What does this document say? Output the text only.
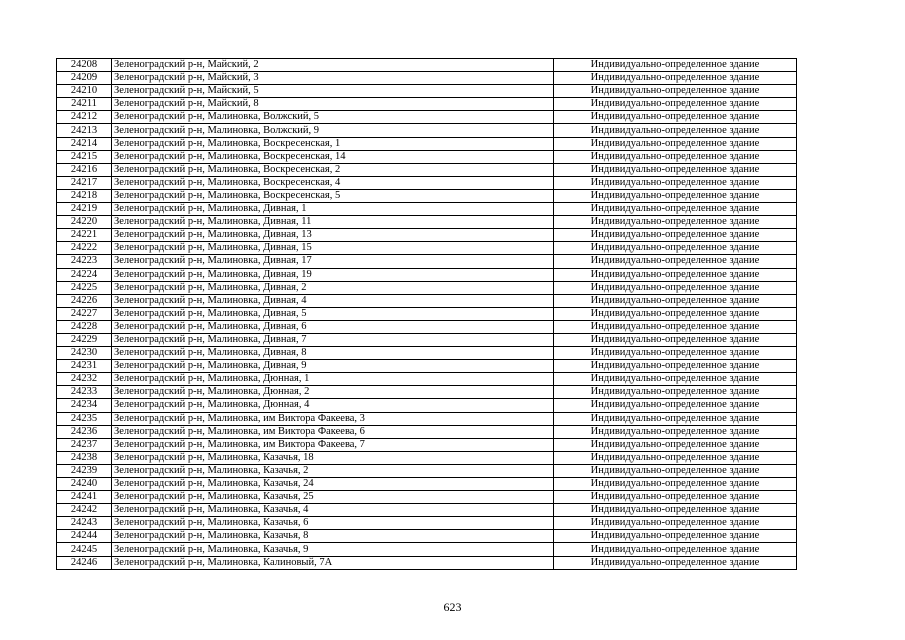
24208	Зеленоградский р-н, Майский, 2	Индивидуально-определенное здание
24209	Зеленоградский р-н, Майский, 3	Индивидуально-определенное здание
24210	Зеленоградский р-н, Майский, 5	Индивидуально-определенное здание
24211	Зеленоградский р-н, Майский, 8	Индивидуально-определенное здание
24212	Зеленоградский р-н, Малиновка, Волжский, 5	Индивидуально-определенное здание
24213	Зеленоградский р-н, Малиновка, Волжский, 9	Индивидуально-определенное здание
24214	Зеленоградский р-н, Малиновка, Воскресенская, 1	Индивидуально-определенное здание
24215	Зеленоградский р-н, Малиновка, Воскресенская, 14	Индивидуально-определенное здание
24216	Зеленоградский р-н, Малиновка, Воскресенская, 2	Индивидуально-определенное здание
24217	Зеленоградский р-н, Малиновка, Воскресенская, 4	Индивидуально-определенное здание
24218	Зеленоградский р-н, Малиновка, Воскресенская, 5	Индивидуально-определенное здание
24219	Зеленоградский р-н, Малиновка, Дивная, 1	Индивидуально-определенное здание
24220	Зеленоградский р-н, Малиновка, Дивная, 11	Индивидуально-определенное здание
24221	Зеленоградский р-н, Малиновка, Дивная, 13	Индивидуально-определенное здание
24222	Зеленоградский р-н, Малиновка, Дивная, 15	Индивидуально-определенное здание
24223	Зеленоградский р-н, Малиновка, Дивная, 17	Индивидуально-определенное здание
24224	Зеленоградский р-н, Малиновка, Дивная, 19	Индивидуально-определенное здание
24225	Зеленоградский р-н, Малиновка, Дивная, 2	Индивидуально-определенное здание
24226	Зеленоградский р-н, Малиновка, Дивная, 4	Индивидуально-определенное здание
24227	Зеленоградский р-н, Малиновка, Дивная, 5	Индивидуально-определенное здание
24228	Зеленоградский р-н, Малиновка, Дивная, 6	Индивидуально-определенное здание
24229	Зеленоградский р-н, Малиновка, Дивная, 7	Индивидуально-определенное здание
24230	Зеленоградский р-н, Малиновка, Дивная, 8	Индивидуально-определенное здание
24231	Зеленоградский р-н, Малиновка, Дивная, 9	Индивидуально-определенное здание
24232	Зеленоградский р-н, Малиновка, Дюнная, 1	Индивидуально-определенное здание
24233	Зеленоградский р-н, Малиновка, Дюнная, 2	Индивидуально-определенное здание
24234	Зеленоградский р-н, Малиновка, Дюнная, 4	Индивидуально-определенное здание
24235	Зеленоградский р-н, Малиновка, им Виктора Факеева, 3	Индивидуально-определенное здание
24236	Зеленоградский р-н, Малиновка, им Виктора Факеева, 6	Индивидуально-определенное здание
24237	Зеленоградский р-н, Малиновка, им Виктора Факеева, 7	Индивидуально-определенное здание
24238	Зеленоградский р-н, Малиновка, Казачья, 18	Индивидуально-определенное здание
24239	Зеленоградский р-н, Малиновка, Казачья, 2	Индивидуально-определенное здание
24240	Зеленоградский р-н, Малиновка, Казачья, 24	Индивидуально-определенное здание
24241	Зеленоградский р-н, Малиновка, Казачья, 25	Индивидуально-определенное здание
24242	Зеленоградский р-н, Малиновка, Казачья, 4	Индивидуально-определенное здание
24243	Зеленоградский р-н, Малиновка, Казачья, 6	Индивидуально-определенное здание
24244	Зеленоградский р-н, Малиновка, Казачья, 8	Индивидуально-определенное здание
24245	Зеленоградский р-н, Малиновка, Казачья, 9	Индивидуально-определенное здание
24246	Зеленоградский р-н, Малиновка, Калиновый, 7А	Индивидуально-определенное здание
623
